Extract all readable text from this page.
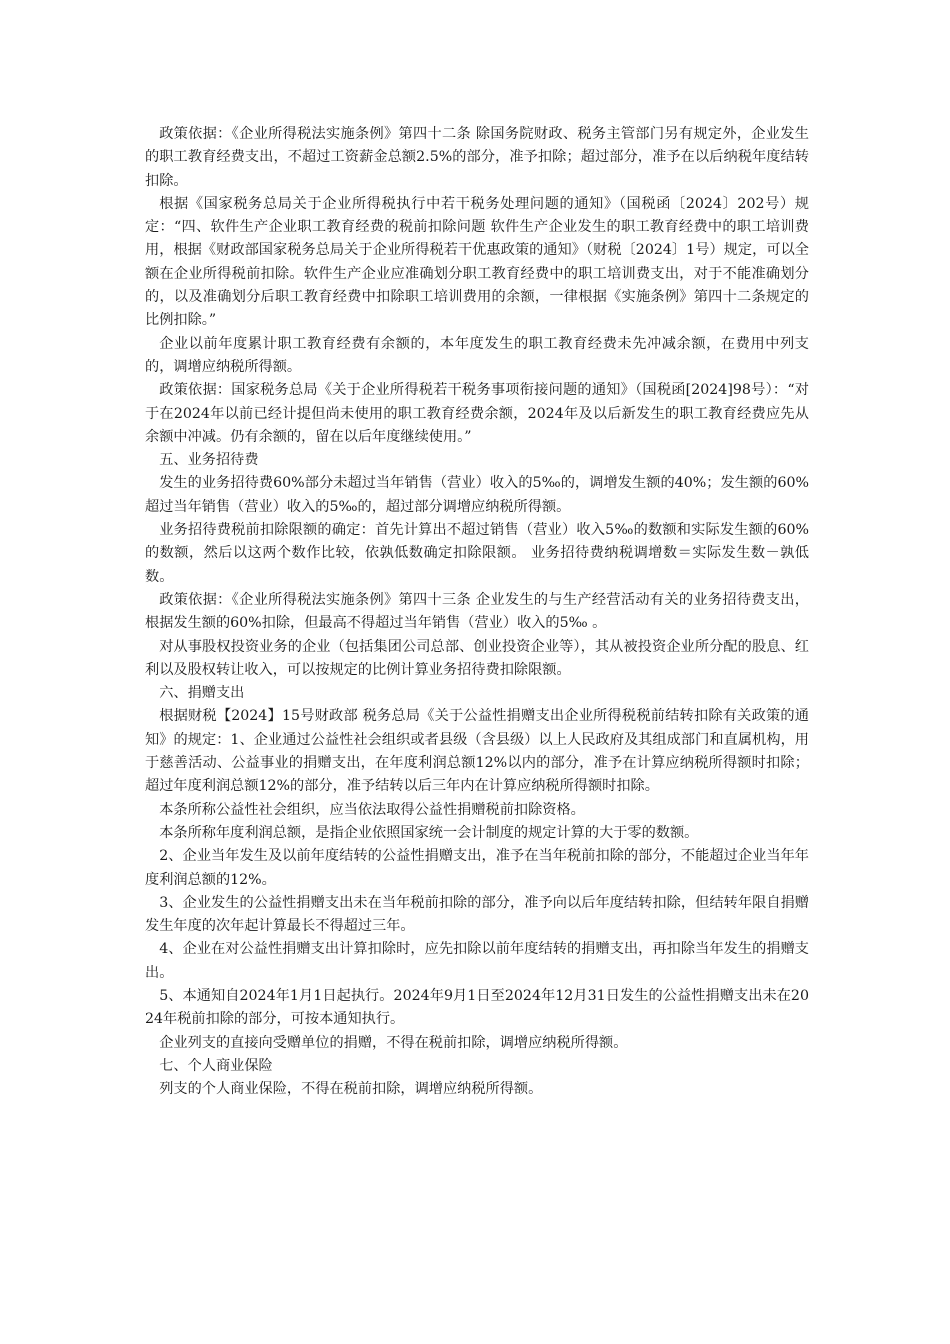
政策依据：《企业所得税法实施条例》第四十二条 除国务院财政、税务主管部门另有规定外，企业发生的职工教育经费支出，不超过工资薪金总额2.5%的部分，准予扣除；超过部分，准予在以后纳税年度结转扣除。

根据《国家税务总局关于企业所得税执行中若干税务处理问题的通知》（国税函〔2024〕202号）规定：“四、软件生产企业职工教育经费的税前扣除问题 软件生产企业发生的职工教育经费中的职工培训费用，根据《财政部国家税务总局关于企业所得税若干优惠政策的通知》（财税〔2024〕1号）规定，可以全额在企业所得税前扣除。软件生产企业应准确划分职工教育经费中的职工培训费支出，对于不能准确划分的，以及准确划分后职工教育经费中扣除职工培训费用的余额，一律根据《实施条例》第四十二条规定的比例扣除。”

企业以前年度累计职工教育经费有余额的，本年度发生的职工教育经费未先冲减余额，在费用中列支的，调增应纳税所得额。

政策依据：国家税务总局《关于企业所得税若干税务事项衔接问题的通知》（国税函[2024]98号）：“对于在2024年以前已经计提但尚未使用的职工教育经费余额，2024年及以后新发生的职工教育经费应先从余额中冲减。仍有余额的，留在以后年度继续使用。”

五、业务招待费

发生的业务招待费60%部分未超过当年销售（营业）收入的5‰的，调增发生额的40%；发生额的60%超过当年销售（营业）收入的5‰的，超过部分调增应纳税所得额。

业务招待费税前扣除限额的确定：首先计算出不超过销售（营业）收入5‰的数额和实际发生额的60%的数额，然后以这两个数作比较，依孰低数确定扣除限额。 业务招待费纳税调增数＝实际发生数－孰低数。

政策依据：《企业所得税法实施条例》第四十三条 企业发生的与生产经营活动有关的业务招待费支出，根据发生额的60%扣除，但最高不得超过当年销售（营业）收入的5‰ 。

对从事股权投资业务的企业（包括集团公司总部、创业投资企业等），其从被投资企业所分配的股息、红利以及股权转让收入，可以按规定的比例计算业务招待费扣除限额。

六、捐赠支出

根据财税【2024】15号财政部 税务总局《关于公益性捐赠支出企业所得税税前结转扣除有关政策的通知》的规定：1、企业通过公益性社会组织或者县级（含县级）以上人民政府及其组成部门和直属机构，用于慈善活动、公益事业的捐赠支出，在年度利润总额12%以内的部分，准予在计算应纳税所得额时扣除；超过年度利润总额12%的部分，准予结转以后三年内在计算应纳税所得额时扣除。

本条所称公益性社会组织，应当依法取得公益性捐赠税前扣除资格。

本条所称年度利润总额，是指企业依照国家统一会计制度的规定计算的大于零的数额。

2、企业当年发生及以前年度结转的公益性捐赠支出，准予在当年税前扣除的部分，不能超过企业当年年度利润总额的12%。

3、企业发生的公益性捐赠支出未在当年税前扣除的部分，准予向以后年度结转扣除，但结转年限自捐赠发生年度的次年起计算最长不得超过三年。

4、企业在对公益性捐赠支出计算扣除时，应先扣除以前年度结转的捐赠支出，再扣除当年发生的捐赠支出。

5、本通知自2024年1月1日起执行。2024年9月1日至2024年12月31日发生的公益性捐赠支出未在2024年税前扣除的部分，可按本通知执行。

企业列支的直接向受赠单位的捐赠，不得在税前扣除，调增应纳税所得额。

七、个人商业保险

列支的个人商业保险，不得在税前扣除，调增应纳税所得额。
